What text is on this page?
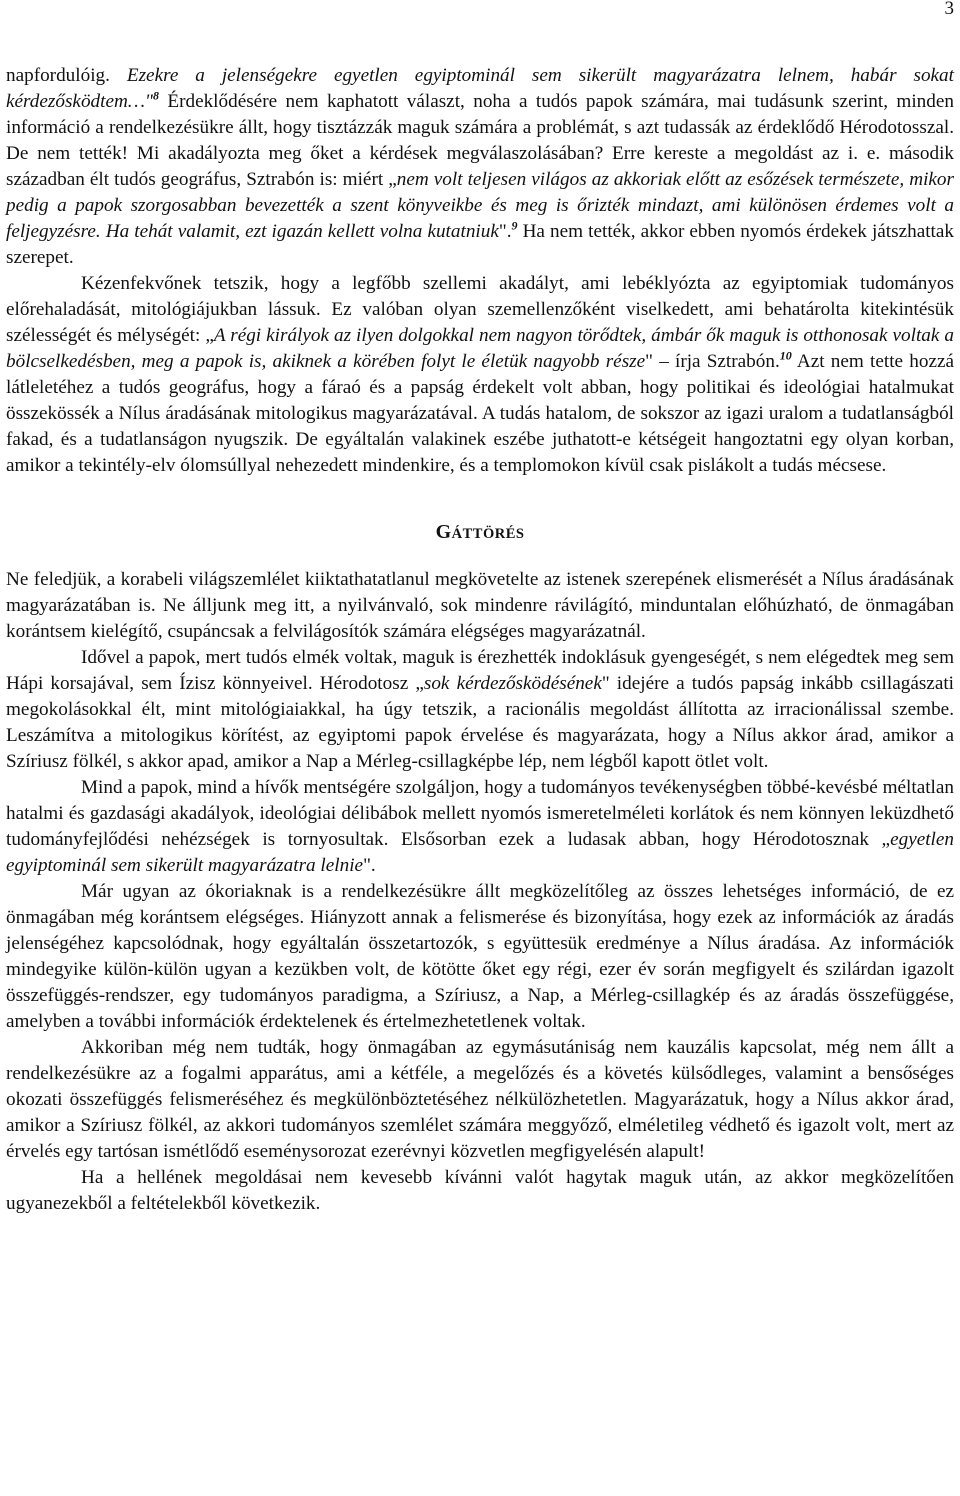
3

napfordulóig. Ezekre a jelenségekre egyetlen egyiptominál sem sikerült magyarázatra lelnem, habár sokat kérdezősködtem…"$^8$ Érdeklődésére nem kaphatott választ, noha a tudós papok számára, mai tudásunk szerint, minden információ a rendelkezésükre állt, hogy tisztázzák maguk számára a problémát, s azt tudassák az érdeklődő Hérodotosszal. De nem tették! Mi akadályozta meg őket a kérdések megválaszolásában? Erre kereste a megoldást az i. e. második században élt tudós geográfus, Sztrabón is: miért „nem volt teljesen világos az akkoriak előtt az esőzések természete, mikor pedig a papok szorgosabban bevezették a szent könyveikbe és meg is őrizték mindazt, ami különösen érdemes volt a feljegyzésre. Ha tehát valamit, ezt igazán kellett volna kutatniuk".$^9$ Ha nem tették, akkor ebben nyomós érdekek játszhattak szerepet.

Kézenfekvőnek tetszik, hogy a legfőbb szellemi akadályt, ami lebéklyózta az egyiptomiak tudományos előrehaladását, mitológiájukban lássuk. Ez valóban olyan szemellenzőként viselkedett, ami behatárolta kitekintésük szélességét és mélységét: „A régi királyok az ilyen dolgokkal nem nagyon törődtek, ámbár ők maguk is otthonosak voltak a bölcselkedésben, meg a papok is, akiknek a körében folyt le életük nagyobb része" – írja Sztrabón.$^{10}$ Azt nem tette hozzá látleletéhez a tudós geográfus, hogy a fáraó és a papság érdekelt volt abban, hogy politikai és ideológiai hatalmukat összekössék a Nílus áradásának mitologikus magyarázatával. A tudás hatalom, de sokszor az igazi uralom a tudatlanságból fakad, és a tudatlanságon nyugszik. De egyáltalán valakinek eszébe juthatott-e kétségeit hangoztatni egy olyan korban, amikor a tekintély-elv ólomsúllyal nehezedett mindenkire, és a templomokon kívül csak pislákolt a tudás mécsese.

GÁTTÖRÉS

Ne feledjük, a korabeli világszemlélet kiiktathatatlanul megkövetelte az istenek szerepének elismerését a Nílus áradásának magyarázatában is. Ne álljunk meg itt, a nyilvánvaló, sok mindenre rávilágító, minduntalan előhúzható, de önmagában korántsem kielégítő, csupáncsak a felvilágosítók számára elégséges magyarázatnál.

Idővel a papok, mert tudós elmék voltak, maguk is érezhették indoklásuk gyengeségét, s nem elégedtek meg sem Hápi korsajával, sem Ízisz könnyeivel. Hérodotosz „sok kérdezősködésének" idejére a tudós papság inkább csillagászati megokolásokkal élt, mint mitológiaiakkal, ha úgy tetszik, a racionális megoldást állította az irracionálissal szembe. Leszámítva a mitologikus körítést, az egyiptomi papok érvelése és magyarázata, hogy a Nílus akkor árad, amikor a Szíriusz fölkél, s akkor apad, amikor a Nap a Mérleg-csillagképbe lép, nem légből kapott ötlet volt.

Mind a papok, mind a hívők mentségére szolgáljon, hogy a tudományos tevékenységben többé-kevésbé méltatlan hatalmi és gazdasági akadályok, ideológiai délibábok mellett nyomós ismeretelméleti korlátok és nem könnyen leküzdhető tudományfejlődési nehézségek is tornyosultak. Elsősorban ezek a ludasak abban, hogy Hérodotosznak „egyetlen egyiptominál sem sikerült magyarázatra lelnie".

Már ugyan az ókoriaknak is a rendelkezésükre állt megközelítőleg az összes lehetséges információ, de ez önmagában még korántsem elégséges. Hiányzott annak a felismerése és bizonyítása, hogy ezek az információk az áradás jelenségéhez kapcsolódnak, hogy egyáltalán összetartozók, s együttesük eredménye a Nílus áradása. Az információk mindegyike külön-külön ugyan a kezükben volt, de kötötte őket egy régi, ezer év során megfigyelt és szilárdan igazolt összefüggés-rendszer, egy tudományos paradigma, a Szíriusz, a Nap, a Mérleg-csillagkép és az áradás összefüggése, amelyben a további információk érdektelenek és értelmezhetetlenek voltak.

Akkoriban még nem tudták, hogy önmagában az egymásutániság nem kauzális kapcsolat, még nem állt a rendelkezésükre az a fogalmi apparátus, ami a kétféle, a megelőzés és a követés külsődleges, valamint a bensőséges okozati összefüggés felismeréséhez és megkülönböztetéséhez nélkülözhetetlen. Magyarázatuk, hogy a Nílus akkor árad, amikor a Szíriusz fölkél, az akkori tudományos szemlélet számára meggyőző, elméletileg védhető és igazolt volt, mert az érvelés egy tartósan ismétlődő eseménysorozat ezerévnyi közvetlen megfigyelésén alapult!

Ha a hellének megoldásai nem kevesebb kívánni valót hagytak maguk után, az akkor megközelítően ugyanezekből a feltételekből következik.
